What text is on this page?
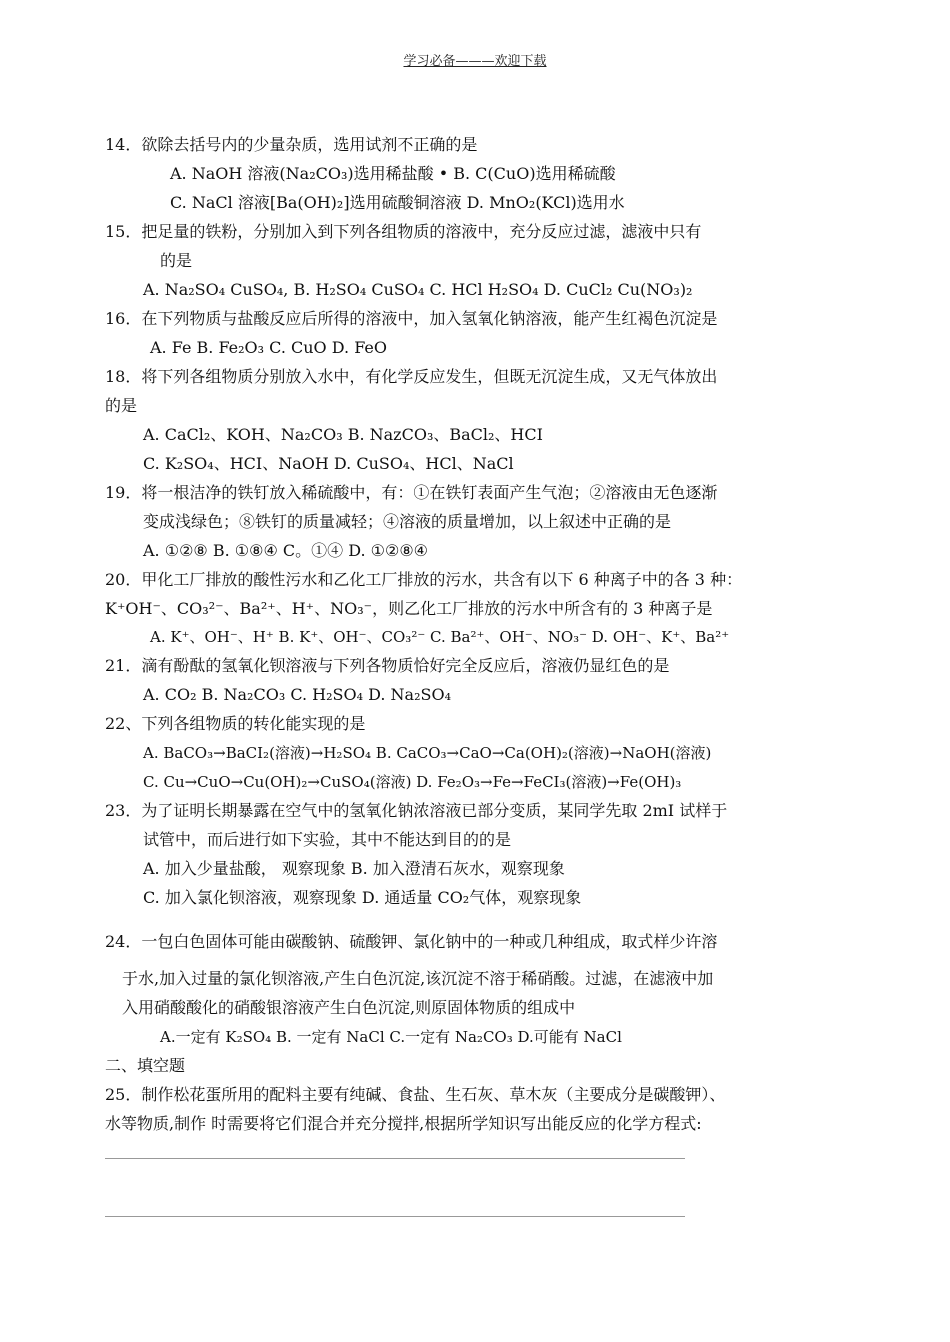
学习必备———欢迎下载
14．欲除去括号内的少量杂质，选用试剂不正确的是
A. NaOH 溶液(Na₂CO₃)选用稀盐酸 • B. C(CuO)选用稀硫酸
C. NaCl 溶液[Ba(OH)₂]选用硫酸铜溶液 D. MnO₂(KCl)选用水
15．把足量的铁粉，分别加入到下列各组物质的溶液中，充分反应过滤，滤液中只有
的是
A. Na₂SO₄ CuSO₄, B. H₂SO₄ CuSO₄ C. HCl H₂SO₄ D. CuCl₂ Cu(NO₃)₂
16．在下列物质与盐酸反应后所得的溶液中，加入氢氧化钠溶液，能产生红褐色沉淀是
A. Fe B. Fe₂O₃ C. CuO D. FeO
18．将下列各组物质分别放入水中，有化学反应发生，但既无沉淀生成，又无气体放出
的是
A. CaCl₂、KOH、Na₂CO₃ B. NazCO₃、BaCl₂、HCI
C. K₂SO₄、HCI、NaOH D. CuSO₄、HCl、NaCl
19．将一根洁净的铁钉放入稀硫酸中，有：①在铁钉表面产生气泡；②溶液由无色逐渐
变成浅绿色；⑧铁钉的质量减轻；④溶液的质量增加，以上叙述中正确的是
A. ①②⑧ B. ①⑧④ C。①④ D. ①②⑧④
20．甲化工厂排放的酸性污水和乙化工厂排放的污水，共含有以下 6 种离子中的各 3 种：
K⁺OH⁻、CO₃²⁻、Ba²⁺、H⁺、NO₃⁻，则乙化工厂排放的污水中所含有的 3 种离子是
A. K⁺、OH⁻、H⁺ B. K⁺、OH⁻、CO₃²⁻ C. Ba²⁺、OH⁻、NO₃⁻ D. OH⁻、K⁺、Ba²⁺
21．滴有酚酞的氢氧化钡溶液与下列各物质恰好完全反应后，溶液仍显红色的是
A. CO₂ B. Na₂CO₃ C. H₂SO₄ D. Na₂SO₄
22、下列各组物质的转化能实现的是
A. BaCO₃→BaCI₂(溶液)→H₂SO₄ B. CaCO₃→CaO→Ca(OH)₂(溶液)→NaOH(溶液)
C. Cu→CuO→Cu(OH)₂→CuSO₄(溶液) D. Fe₂O₃→Fe→FeCI₃(溶液)→Fe(OH)₃
23．为了证明长期暴露在空气中的氢氧化钠浓溶液已部分变质，某同学先取 2mI 试样于
试管中，而后进行如下实验，其中不能达到目的的是
A. 加入少量盐酸， 观察现象 B. 加入澄清石灰水，观察现象
C. 加入氯化钡溶液，观察现象 D. 通适量 CO₂气体，观察现象
24．一包白色固体可能由碳酸钠、硫酸钾、氯化钠中的一种或几种组成，取式样少许溶
于水,加入过量的氯化钡溶液,产生白色沉淀,该沉淀不溶于稀硝酸。过滤，在滤液中加
入用硝酸酸化的硝酸银溶液产生白色沉淀,则原固体物质的组成中
A.一定有 K₂SO₄ B. 一定有 NaCl C.一定有 Na₂CO₃ D.可能有 NaCl
二、填空题
25．制作松花蛋所用的配料主要有纯碱、食盐、生石灰、草木灰（主要成分是碳酸钾）、
水等物质,制作 时需要将它们混合并充分搅拌,根据所学知识写出能反应的化学方程式:
